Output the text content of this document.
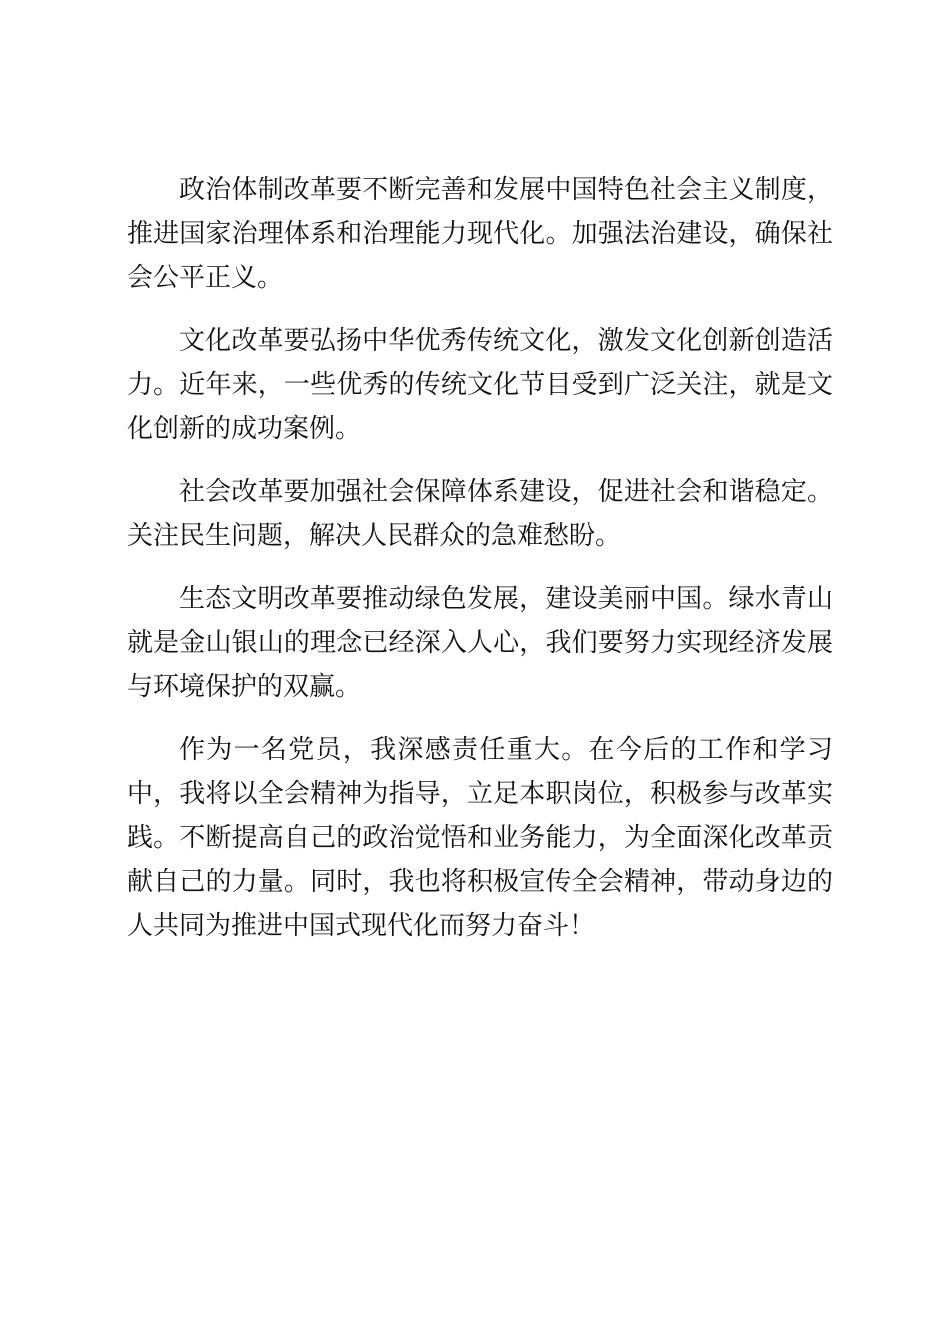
政治体制改革要不断完善和发展中国特色社会主义制度，推进国家治理体系和治理能力现代化。加强法治建设，确保社会公平正义。

文化改革要弘扬中华优秀传统文化，激发文化创新创造活力。近年来，一些优秀的传统文化节目受到广泛关注，就是文化创新的成功案例。

社会改革要加强社会保障体系建设，促进社会和谐稳定。关注民生问题，解决人民群众的急难愁盼。

生态文明改革要推动绿色发展，建设美丽中国。绿水青山就是金山银山的理念已经深入人心，我们要努力实现经济发展与环境保护的双赢。

作为一名党员，我深感责任重大。在今后的工作和学习中，我将以全会精神为指导，立足本职岗位，积极参与改革实践。不断提高自己的政治觉悟和业务能力，为全面深化改革贡献自己的力量。同时，我也将积极宣传全会精神，带动身边的人共同为推进中国式现代化而努力奋斗！
